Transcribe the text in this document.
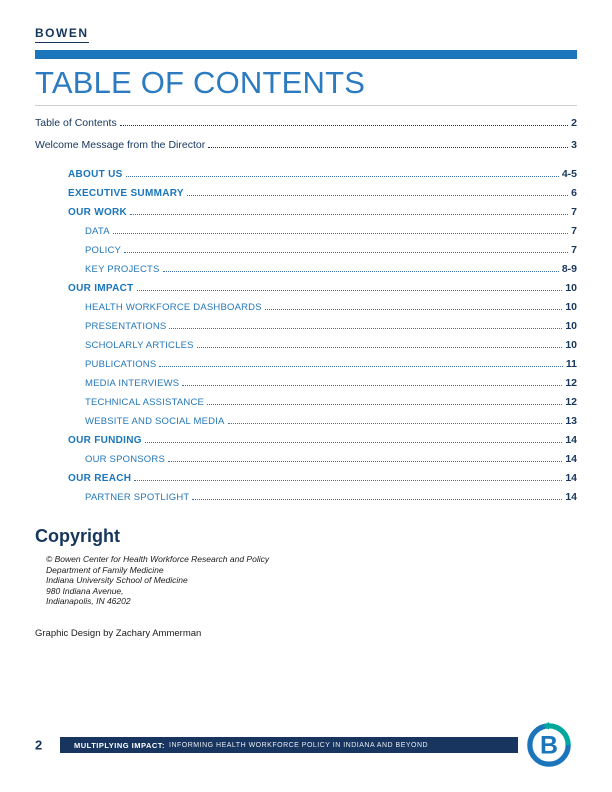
BOWEN
TABLE OF CONTENTS
Table of Contents	2
Welcome Message from the Director	3
ABOUT US	4-5
EXECUTIVE SUMMARY	6
OUR WORK	7
DATA	7
POLICY	7
KEY PROJECTS	8-9
OUR IMPACT	10
HEALTH WORKFORCE DASHBOARDS	10
PRESENTATIONS	10
SCHOLARLY ARTICLES	10
PUBLICATIONS	11
MEDIA INTERVIEWS	12
TECHNICAL ASSISTANCE	12
WEBSITE AND SOCIAL MEDIA	13
OUR FUNDING	14
OUR SPONSORS	14
OUR REACH	14
PARTNER SPOTLIGHT	14
Copyright
© Bowen Center for Health Workforce Research and Policy
Department of Family Medicine
Indiana University School of Medicine
980 Indiana Avenue,
Indianapolis, IN 46202
Graphic Design by Zachary Ammerman
2	MULTIPLYING IMPACT: INFORMING HEALTH WORKFORCE POLICY IN INDIANA AND BEYOND	B
